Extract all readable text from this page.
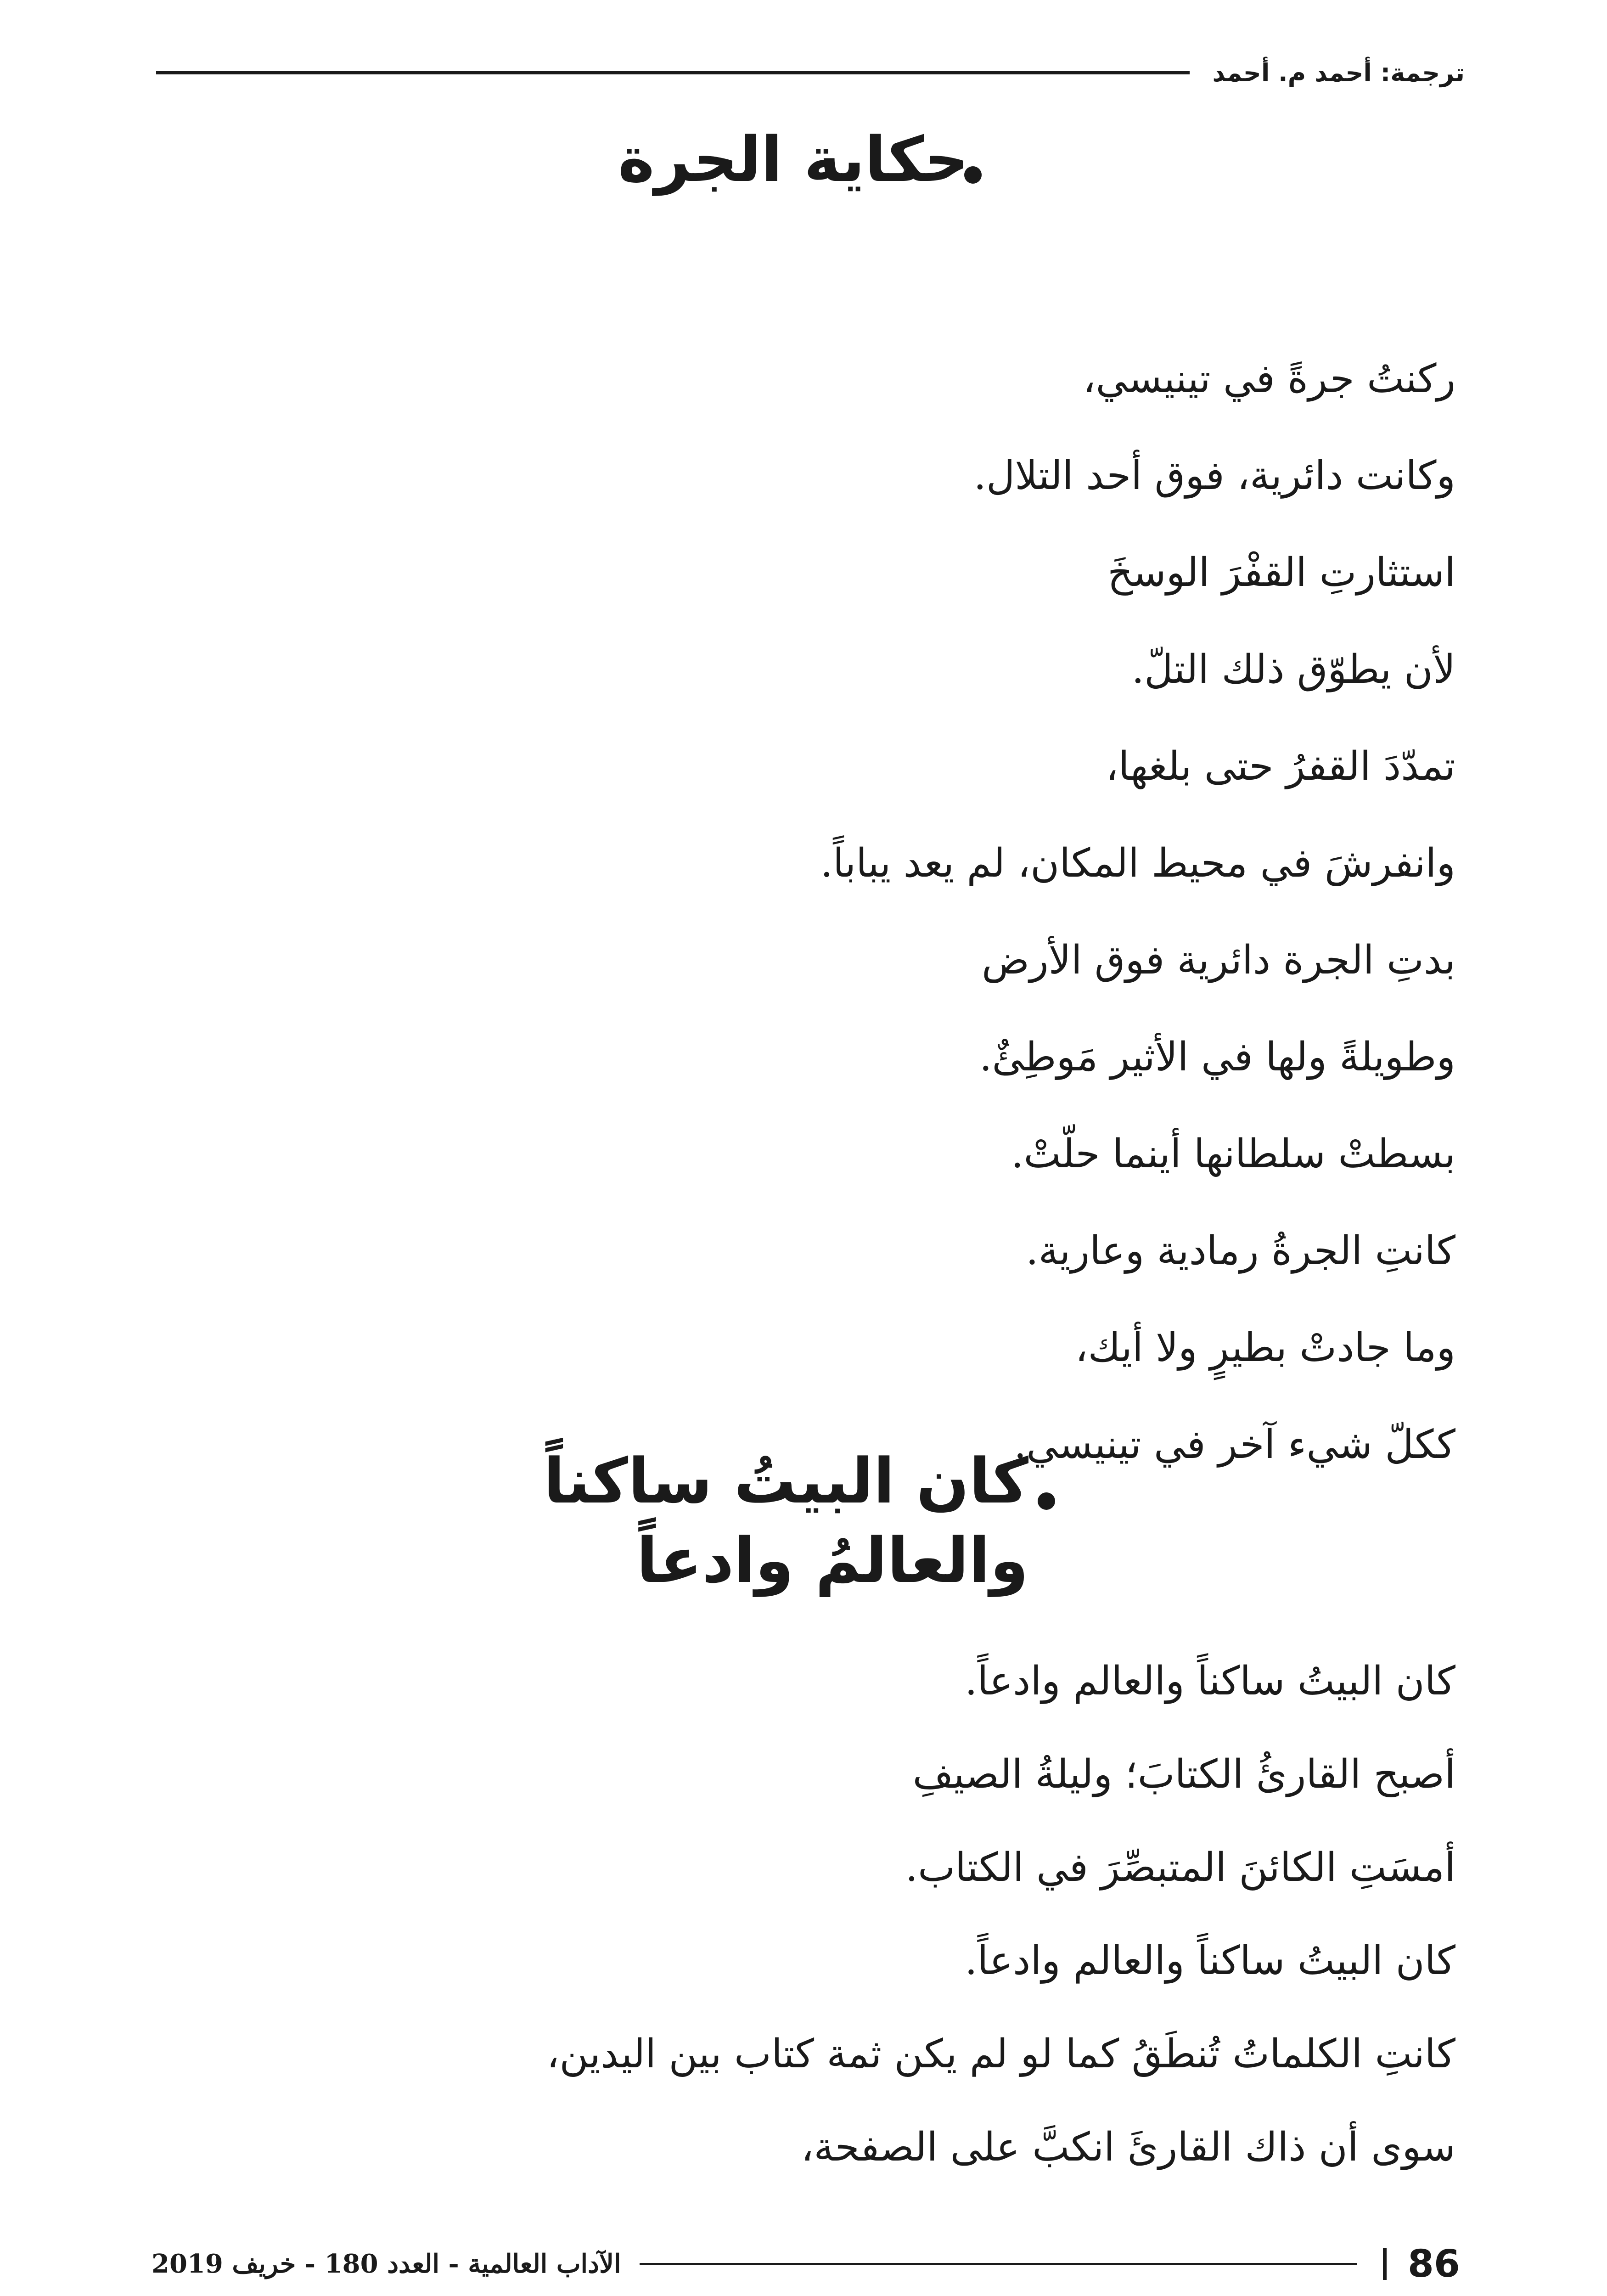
ترجمة: أحمد م. أحمد
حكاية الجرة
ركنتُ جرةً في تينيسي،
وكانت دائرية، فوق أحد التلال.
استثارتِ القفْرَ الوسخَ
لأن يطوّق ذلك التلّ.
تمدّدَ القفرُ حتى بلغها،
وانفرشَ في محيط المكان، لم يعد يباباً.
بدتِ الجرة دائرية فوق الأرض
وطويلةً ولها في الأثير مَوطِئٌ.
بسطتْ سلطانها أينما حلّتْ.
كانتِ الجرةُ رمادية وعارية.
وما جادتْ بطيرٍ ولا أيك،
ككلّ شيء آخر في تينيسي.
كان البيتُ ساكناً
والعالمُ وادعاً
كان البيتُ ساكناً والعالم وادعاً.
أصبح القارئُ الكتابَ؛ وليلةُ الصيفِ
أمسَتِ الكائنَ المتبصِّرَ في الكتاب.
كان البيتُ ساكناً والعالم وادعاً.
كانتِ الكلماتُ تُنطَقُ كما لو لم يكن ثمة كتاب بين اليدين،
سوى أن ذاك القارئَ انكبَّ على الصفحة،
86
الآداب العالمية - العدد 180 - خريف 2019
